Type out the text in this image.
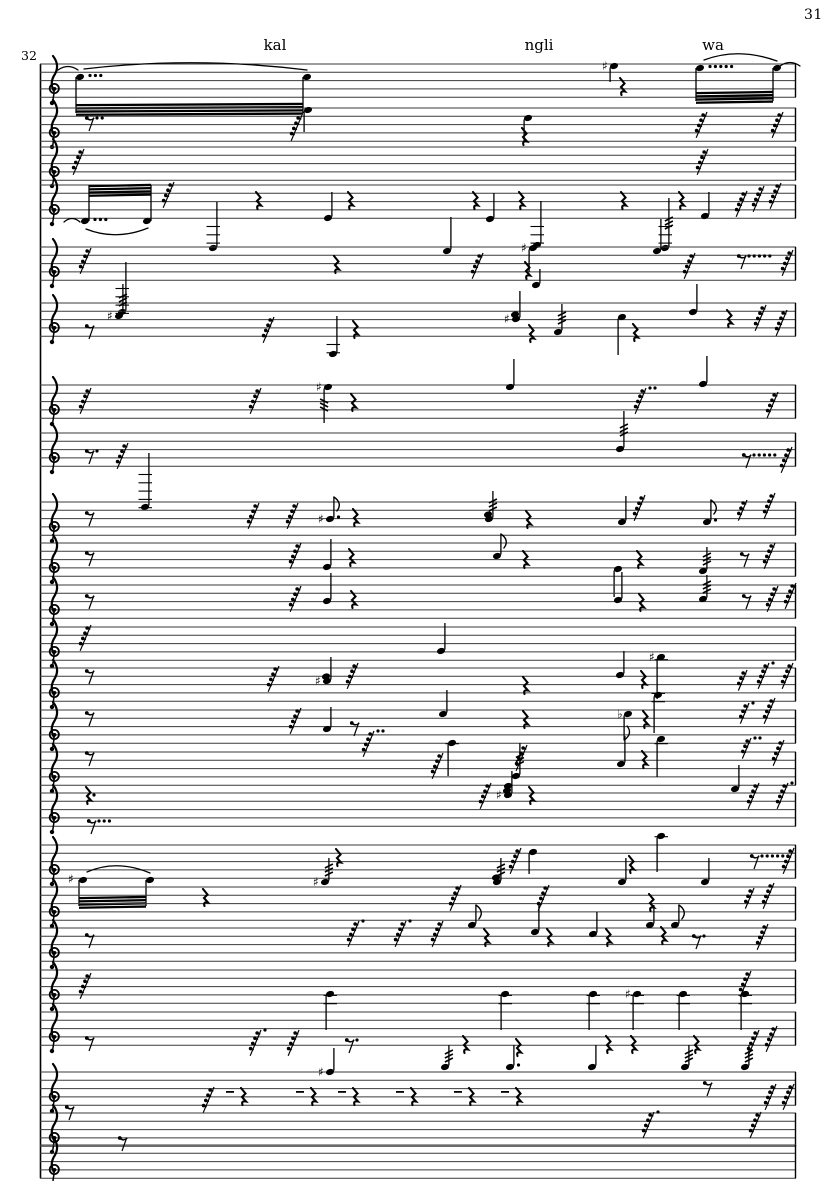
31
32
kal	ngli	wa
♯
♯
♯	♯
♯
♯
♯
♯
♭
♯
♯	♯
♯
♯
